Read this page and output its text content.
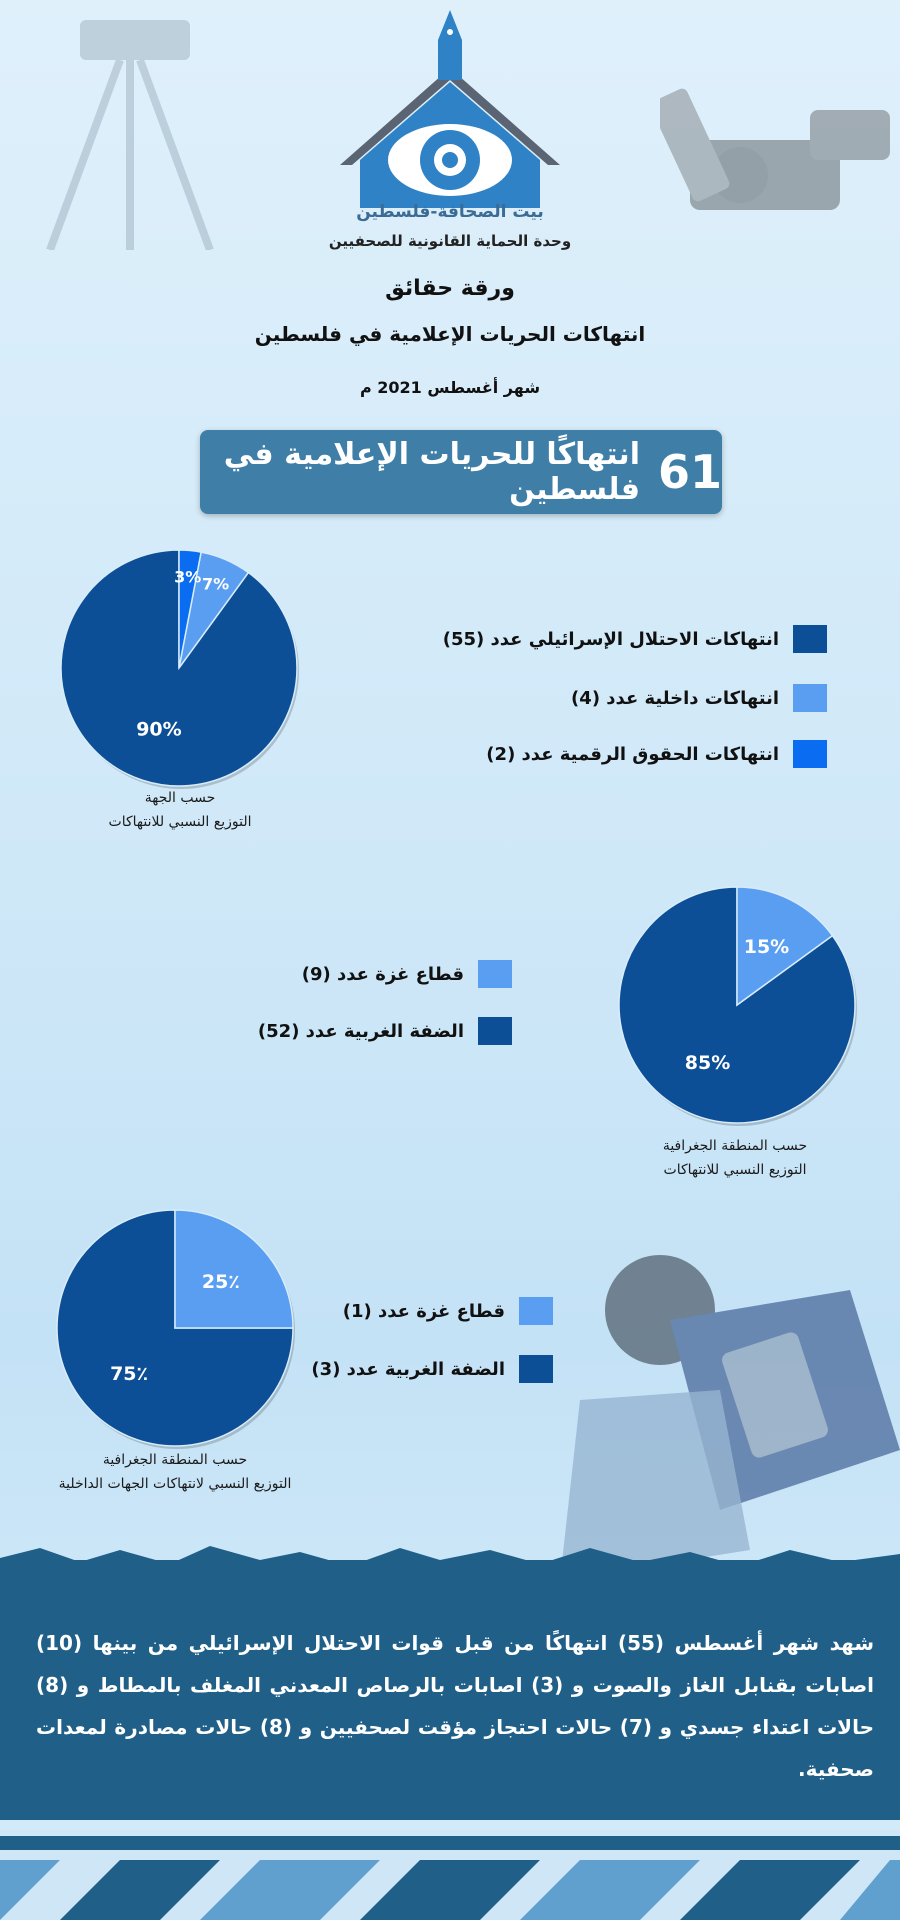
بيت الصحافة-فلسطين
وحدة الحماية القانونية للصحفيين
ورقة حقائق
انتهاكات الحريات الإعلامية في فلسطين
شهر أغسطس 2021 م
61
انتهاكًا للحريات الإعلامية في فلسطين
90%
7%
3%
حسب الجهة
التوزيع النسبي للانتهاكات
انتهاكات الاحتلال الإسرائيلي عدد (55)
انتهاكات داخلية عدد (4)
انتهاكات الحقوق الرقمية عدد (2)
85%
15%
حسب المنطقة الجغرافية
التوزيع النسبي للانتهاكات
قطاع غزة عدد (9)
الضفة الغربية عدد (52)
75٪
25٪
حسب المنطقة الجغرافية
التوزيع النسبي لانتهاكات الجهات الداخلية
قطاع غزة عدد (1)
الضفة الغربية عدد (3)
شهد شهر أغسطس (55) انتهاكًا من قبل قوات الاحتلال الإسرائيلي من بينها (10) اصابات بقنابل الغاز والصوت و (3) اصابات بالرصاص المعدني المغلف بالمطاط و (8) حالات اعتداء جسدي و (7) حالات احتجاز مؤقت لصحفيين و (8) حالات مصادرة لمعدات صحفية.
